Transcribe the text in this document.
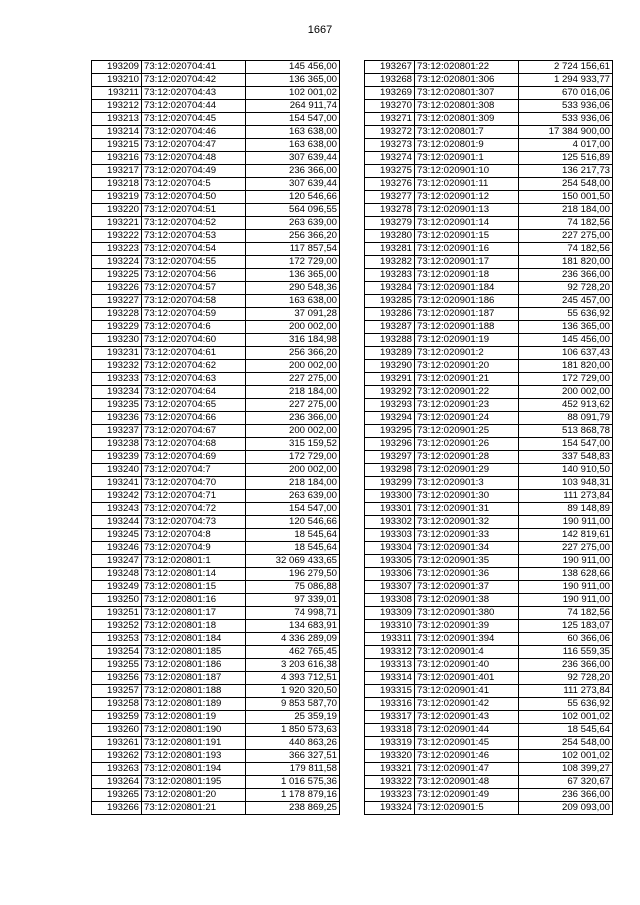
1667
193209	73:12:020704:41	145 456,00
193210	73:12:020704:42	136 365,00
193211	73:12:020704:43	102 001,02
193212	73:12:020704:44	264 911,74
193213	73:12:020704:45	154 547,00
193214	73:12:020704:46	163 638,00
193215	73:12:020704:47	163 638,00
193216	73:12:020704:48	307 639,44
193217	73:12:020704:49	236 366,00
193218	73:12:020704:5	307 639,44
193219	73:12:020704:50	120 546,66
193220	73:12:020704:51	564 096,55
193221	73:12:020704:52	263 639,00
193222	73:12:020704:53	256 366,20
193223	73:12:020704:54	117 857,54
193224	73:12:020704:55	172 729,00
193225	73:12:020704:56	136 365,00
193226	73:12:020704:57	290 548,36
193227	73:12:020704:58	163 638,00
193228	73:12:020704:59	37 091,28
193229	73:12:020704:6	200 002,00
193230	73:12:020704:60	316 184,98
193231	73:12:020704:61	256 366,20
193232	73:12:020704:62	200 002,00
193233	73:12:020704:63	227 275,00
193234	73:12:020704:64	218 184,00
193235	73:12:020704:65	227 275,00
193236	73:12:020704:66	236 366,00
193237	73:12:020704:67	200 002,00
193238	73:12:020704:68	315 159,52
193239	73:12:020704:69	172 729,00
193240	73:12:020704:7	200 002,00
193241	73:12:020704:70	218 184,00
193242	73:12:020704:71	263 639,00
193243	73:12:020704:72	154 547,00
193244	73:12:020704:73	120 546,66
193245	73:12:020704:8	18 545,64
193246	73:12:020704:9	18 545,64
193247	73:12:020801:1	32 069 433,65
193248	73:12:020801:14	196 279,50
193249	73:12:020801:15	75 086,88
193250	73:12:020801:16	97 339,01
193251	73:12:020801:17	74 998,71
193252	73:12:020801:18	134 683,91
193253	73:12:020801:184	4 336 289,09
193254	73:12:020801:185	462 765,45
193255	73:12:020801:186	3 203 616,38
193256	73:12:020801:187	4 393 712,51
193257	73:12:020801:188	1 920 320,50
193258	73:12:020801:189	9 853 587,70
193259	73:12:020801:19	25 359,19
193260	73:12:020801:190	1 850 573,63
193261	73:12:020801:191	440 863,26
193262	73:12:020801:193	366 327,51
193263	73:12:020801:194	179 811,58
193264	73:12:020801:195	1 016 575,36
193265	73:12:020801:20	1 178 879,16
193266	73:12:020801:21	238 869,25
193267	73:12:020801:22	2 724 156,61
193268	73:12:020801:306	1 294 933,77
193269	73:12:020801:307	670 016,06
193270	73:12:020801:308	533 936,06
193271	73:12:020801:309	533 936,06
193272	73:12:020801:7	17 384 900,00
193273	73:12:020801:9	4 017,00
193274	73:12:020901:1	125 516,89
193275	73:12:020901:10	136 217,73
193276	73:12:020901:11	254 548,00
193277	73:12:020901:12	150 001,50
193278	73:12:020901:13	218 184,00
193279	73:12:020901:14	74 182,56
193280	73:12:020901:15	227 275,00
193281	73:12:020901:16	74 182,56
193282	73:12:020901:17	181 820,00
193283	73:12:020901:18	236 366,00
193284	73:12:020901:184	92 728,20
193285	73:12:020901:186	245 457,00
193286	73:12:020901:187	55 636,92
193287	73:12:020901:188	136 365,00
193288	73:12:020901:19	145 456,00
193289	73:12:020901:2	106 637,43
193290	73:12:020901:20	181 820,00
193291	73:12:020901:21	172 729,00
193292	73:12:020901:22	200 002,00
193293	73:12:020901:23	452 913,62
193294	73:12:020901:24	88 091,79
193295	73:12:020901:25	513 868,78
193296	73:12:020901:26	154 547,00
193297	73:12:020901:28	337 548,83
193298	73:12:020901:29	140 910,50
193299	73:12:020901:3	103 948,31
193300	73:12:020901:30	111 273,84
193301	73:12:020901:31	89 148,89
193302	73:12:020901:32	190 911,00
193303	73:12:020901:33	142 819,61
193304	73:12:020901:34	227 275,00
193305	73:12:020901:35	190 911,00
193306	73:12:020901:36	138 628,66
193307	73:12:020901:37	190 911,00
193308	73:12:020901:38	190 911,00
193309	73:12:020901:380	74 182,56
193310	73:12:020901:39	125 183,07
193311	73:12:020901:394	60 366,06
193312	73:12:020901:4	116 559,35
193313	73:12:020901:40	236 366,00
193314	73:12:020901:401	92 728,20
193315	73:12:020901:41	111 273,84
193316	73:12:020901:42	55 636,92
193317	73:12:020901:43	102 001,02
193318	73:12:020901:44	18 545,64
193319	73:12:020901:45	254 548,00
193320	73:12:020901:46	102 001,02
193321	73:12:020901:47	108 399,27
193322	73:12:020901:48	67 320,67
193323	73:12:020901:49	236 366,00
193324	73:12:020901:5	209 093,00
